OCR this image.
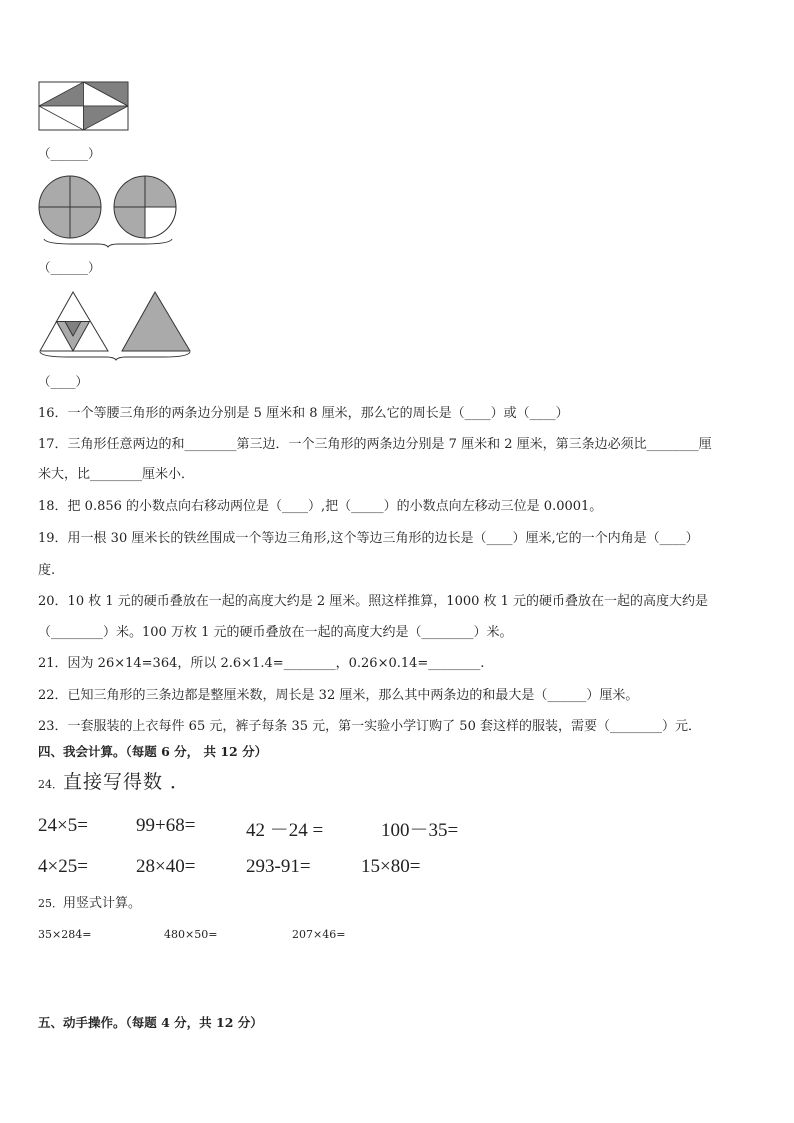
（______）
（______）
（____）
16．一个等腰三角形的两条边分别是 5 厘米和 8 厘米，那么它的周长是（____）或（____）
17．三角形任意两边的和________第三边．一个三角形的两条边分别是 7 厘米和 2 厘米，第三条边必须比________厘
米大，比________厘米小．
18．把 0.856 的小数点向右移动两位是（____）,把（_____）的小数点向左移动三位是 0.0001。
19．用一根 30 厘米长的铁丝围成一个等边三角形,这个等边三角形的边长是（____）厘米,它的一个内角是（____）
度.
20．10 枚 1 元的硬币叠放在一起的高度大约是 2 厘米。照这样推算，1000 枚 1 元的硬币叠放在一起的高度大约是
（________）米。100 万枚 1 元的硬币叠放在一起的高度大约是（________）米。
21．因为 26×14=364，所以 2.6×1.4=________，0.26×0.14=________.
22．已知三角形的三条边都是整厘米数，周长是 32 厘米，那么其中两条边的和最大是（______）厘米。
23．一套服装的上衣每件 65 元，裤子每条 35 元，第一实验小学订购了 50 套这样的服装，需要（________）元．
四、我会计算。（每题 6 分， 共 12 分）
24．直接写得数 ．
24×5=	99+68=	42 －24 =	100－35=
4×25=	28×40=	293-91=	15×80=
25．用竖式计算。
35×284=	480×50=	207×46=
五、动手操作。（每题 4 分，共 12 分）
